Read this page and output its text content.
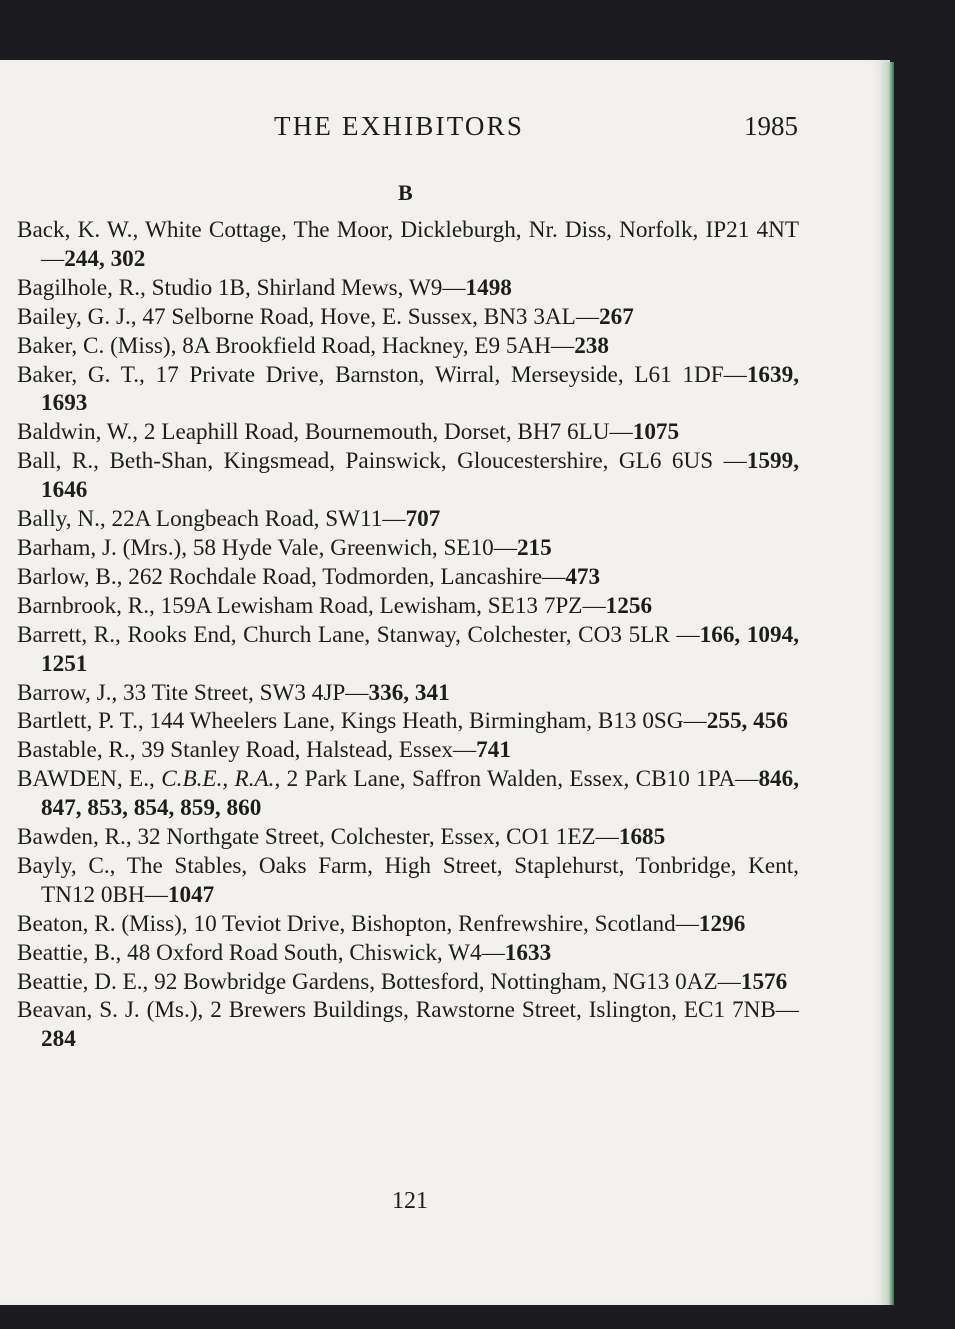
THE EXHIBITORS	1985
B
Back, K. W., White Cottage, The Moor, Dickleburgh, Nr. Diss, Norfolk, IP21 4NT—244, 302
Bagilhole, R., Studio 1B, Shirland Mews, W9—1498
Bailey, G. J., 47 Selborne Road, Hove, E. Sussex, BN3 3AL—267
Baker, C. (Miss), 8A Brookfield Road, Hackney, E9 5AH—238
Baker, G. T., 17 Private Drive, Barnston, Wirral, Merseyside, L61 1DF—1639, 1693
Baldwin, W., 2 Leaphill Road, Bournemouth, Dorset, BH7 6LU—1075
Ball, R., Beth-Shan, Kingsmead, Painswick, Gloucestershire, GL6 6US —1599, 1646
Bally, N., 22A Longbeach Road, SW11—707
Barham, J. (Mrs.), 58 Hyde Vale, Greenwich, SE10—215
Barlow, B., 262 Rochdale Road, Todmorden, Lancashire—473
Barnbrook, R., 159A Lewisham Road, Lewisham, SE13 7PZ—1256
Barrett, R., Rooks End, Church Lane, Stanway, Colchester, CO3 5LR —166, 1094, 1251
Barrow, J., 33 Tite Street, SW3 4JP—336, 341
Bartlett, P. T., 144 Wheelers Lane, Kings Heath, Birmingham, B13 0SG—255, 456
Bastable, R., 39 Stanley Road, Halstead, Essex—741
BAWDEN, E., C.B.E., R.A., 2 Park Lane, Saffron Walden, Essex, CB10 1PA—846, 847, 853, 854, 859, 860
Bawden, R., 32 Northgate Street, Colchester, Essex, CO1 1EZ—1685
Bayly, C., The Stables, Oaks Farm, High Street, Staplehurst, Tonbridge, Kent, TN12 0BH—1047
Beaton, R. (Miss), 10 Teviot Drive, Bishopton, Renfrewshire, Scotland—1296
Beattie, B., 48 Oxford Road South, Chiswick, W4—1633
Beattie, D. E., 92 Bowbridge Gardens, Bottesford, Nottingham, NG13 0AZ—1576
Beavan, S. J. (Ms.), 2 Brewers Buildings, Rawstorne Street, Islington, EC1 7NB—284
121
